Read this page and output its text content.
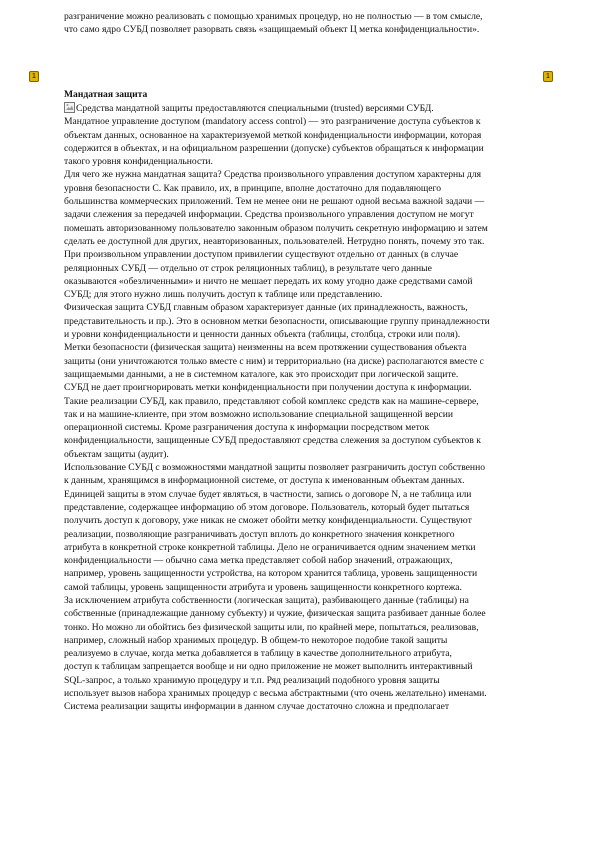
разграничение можно реализовать с помощью хранимых процедур, но не полностью — в том смысле,

что само ядро СУБД позволяет разорвать связь «защищаемый объект Ц метка конфиденциальности».

1	1
Мандатная защита

Средства мандатной защиты предоставляются специальными (trusted) версиями СУБД.

Мандатное управление доступом (mandatory access control) — это разграничение доступа субъектов к

объектам данных, основанное на характеризуемой меткой конфиденциальности информации, которая

содержится в объектах, и на официальном разрешении (допуске) субъектов обращаться к информации

такого уровня конфиденциальности.

Для чего же нужна мандатная защита? Средства произвольного управления доступом характерны для

уровня безопасности C. Как правило, их, в принципе, вполне достаточно для подавляющего

большинства коммерческих приложений. Тем не менее они не решают одной весьма важной задачи —

задачи слежения за передачей информации. Средства произвольного управления доступом не могут

помешать авторизованному пользователю законным образом получить секретную информацию и затем

сделать ее доступной для других, неавторизованных, пользователей. Нетрудно понять, почему это так.

При произвольном управлении доступом привилегии существуют отдельно от данных (в случае

реляционных СУБД — отдельно от строк реляционных таблиц), в результате чего данные

оказываются «обезличенными» и ничто не мешает передать их кому угодно даже средствами самой

СУБД; для этого нужно лишь получить доступ к таблице или представлению.

Физическая защита СУБД главным образом характеризует данные (их принадлежность, важность,

представительность и пр.). Это в основном метки безопасности, описывающие группу принадлежности

и уровни конфиденциальности и ценности данных объекта (таблицы, столбца, строки или поля).

Метки безопасности (физическая защита) неизменны на всем протяжении существования объекта

защиты (они уничтожаются только вместе с ним) и территориально (на диске) располагаются вместе с

защищаемыми данными, а не в системном каталоге, как это происходит при логической защите.

СУБД не дает проигнорировать метки конфиденциальности при получении доступа к информации.

Такие реализации СУБД, как правило, представляют собой комплекс средств как на машине-сервере,

так и на машине-клиенте, при этом возможно использование специальной защищенной версии

операционной системы. Кроме разграничения доступа к информации посредством меток

конфиденциальности, защищенные СУБД предоставляют средства слежения за доступом субъектов к

объектам защиты (аудит).

Использование СУБД с возможностями мандатной защиты позволяет разграничить доступ собственно

к данным, хранящимся в информационной системе, от доступа к именованным объектам данных.

Единицей защиты в этом случае будет являться, в частности, запись о договоре N, а не таблица или

представление, содержащее информацию об этом договоре. Пользователь, который будет пытаться

получить доступ к договору, уже никак не сможет обойти метку конфиденциальности. Существуют

реализации, позволяющие разграничивать доступ вплоть до конкретного значения конкретного

атрибута в конкретной строке конкретной таблицы. Дело не ограничивается одним значением метки

конфиденциальности — обычно сама метка представляет собой набор значений, отражающих,

например, уровень защищенности устройства, на котором хранится таблица, уровень защищенности

самой таблицы, уровень защищенности атрибута и уровень защищенности конкретного кортежа.

За исключением атрибута собственности (логическая защита), разбивающего данные (таблицы) на

собственные (принадлежащие данному субъекту) и чужие, физическая защита разбивает данные более

тонко. Но можно ли обойтись без физической защиты или, по крайней мере, попытаться, реализовав,

например, сложный набор хранимых процедур. В общем-то некоторое подобие такой защиты

реализуемо в случае, когда метка добавляется в таблицу в качестве дополнительного атрибута,

доступ к таблицам запрещается вообще и ни одно приложение не может выполнить интерактивный

SQL-запрос, а только хранимую процедуру и т.п. Ряд реализаций подобного уровня защиты

использует вызов набора хранимых процедур с весьма абстрактными (что очень желательно) именами.

Система реализации защиты информации в данном случае достаточно сложна и предполагает
